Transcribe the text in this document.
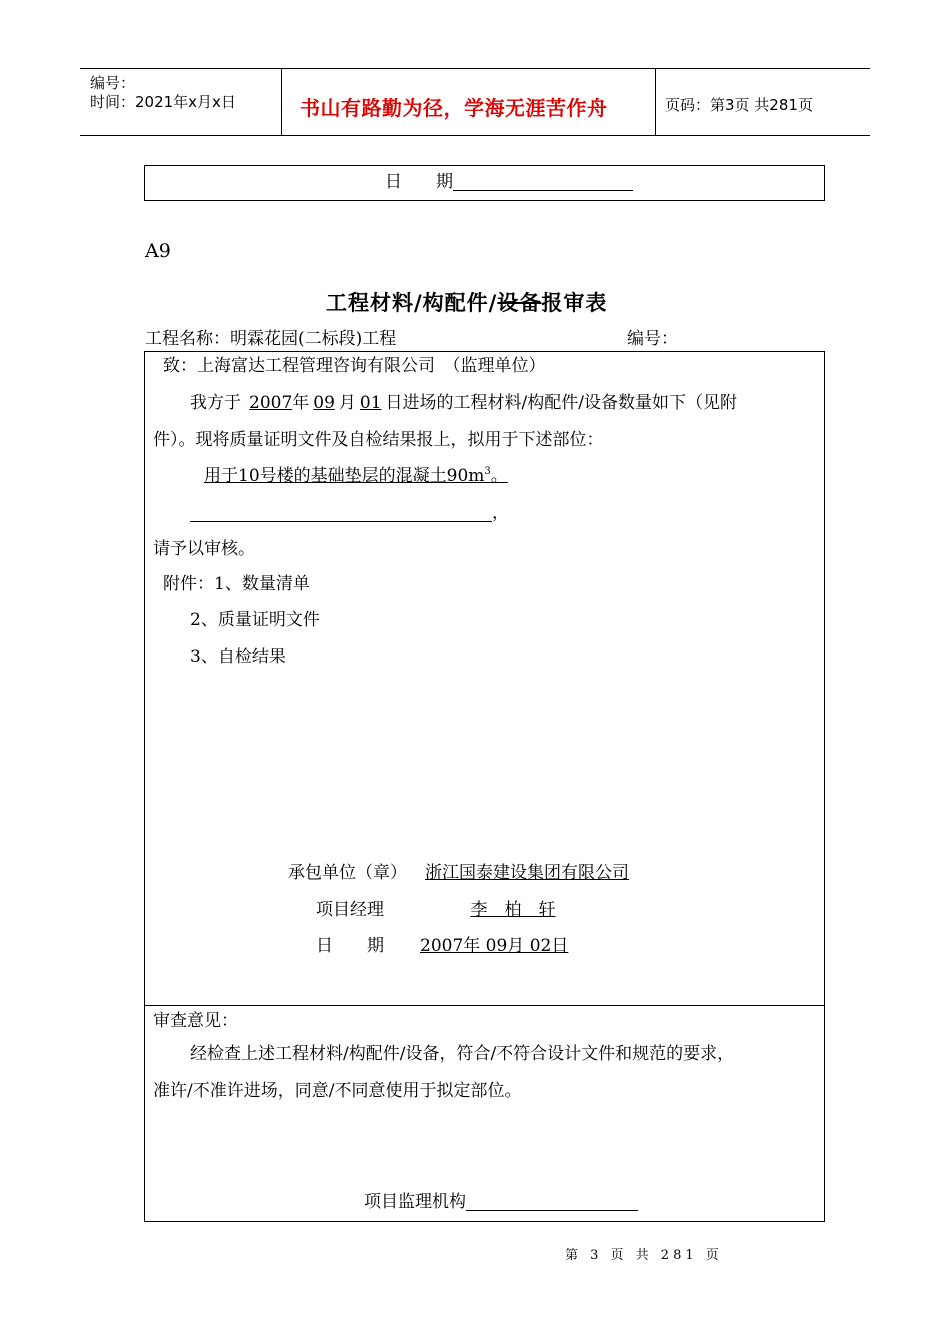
编号：
时间：2021年x月x日	书山有路勤为径，学海无涯苦作舟	页码：第3页 共281页
日　　期
A9
工程材料/构配件/设备报审表
工程名称：明霖花园(二标段)工程	编号：
致：上海富达工程管理咨询有限公司　（监理单位）
我方于 2007年 09 月 01 日进场的工程材料/构配件/设备数量如下（见附
件）。现将质量证明文件及自检结果报上，拟用于下述部位：
用于10号楼的基础垫层的混凝土$90m^3$。
，
请予以审核。
附件：1、数量清单
2、质量证明文件
3、自检结果
承包单位（章） 浙江国泰建设集团有限公司
项目经理	李　柏　轩
日　　期 2007年 09月 02日
审查意见：
经检查上述工程材料/构配件/设备，符合/不符合设计文件和规范的要求，
准许/不准许进场，同意/不同意使用于拟定部位。
项目监理机构
第 3 页 共 281 页
